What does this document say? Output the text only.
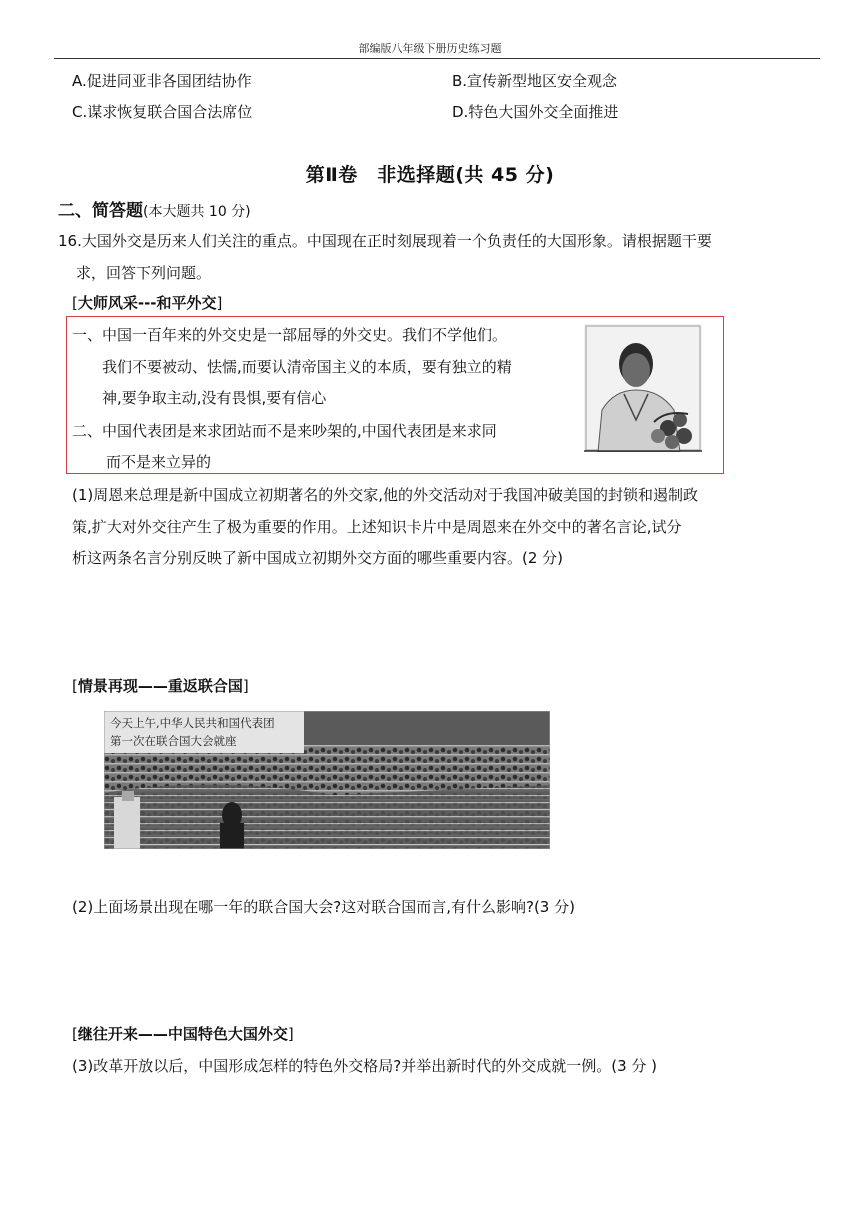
部编版八年级下册历史练习题
A.促进同亚非各国团结协作	B.宣传新型地区安全观念
C.谋求恢复联合国合法席位	D.特色大国外交全面推进
第Ⅱ卷　非选择题(共 45 分)
二、简答题(本大题共 10 分)
16.大国外交是历来人们关注的重点。中国现在正时刻展现着一个负责任的大国形象。请根据题干要
求，回答下列问题。
[大师风采---和平外交]
一、中国一百年来的外交史是一部屈辱的外交史。我们不学他们。
我们不要被动、怯懦,而要认清帝国主义的本质，要有独立的精
神,要争取主动,没有畏惧,要有信心
二、中国代表团是来求团站而不是来吵架的,中国代表团是来求同
而不是来立异的
(1)周恩来总理是新中国成立初期著名的外交家,他的外交活动对于我国冲破美国的封锁和遏制政
策,扩大对外交往产生了极为重要的作用。上述知识卡片中是周恩来在外交中的著名言论,试分
析这两条名言分别反映了新中国成立初期外交方面的哪些重要内容。(2 分)
[情景再现——重返联合国]
今天上午,中华人民共和国代表团
第一次在联合国大会就座
(2)上面场景出现在哪一年的联合国大会?这对联合国而言,有什么影响?(3 分)
[继往开来——中国特色大国外交]
(3)改革开放以后，中国形成怎样的特色外交格局?并举出新时代的外交成就一例。(3 分 )
